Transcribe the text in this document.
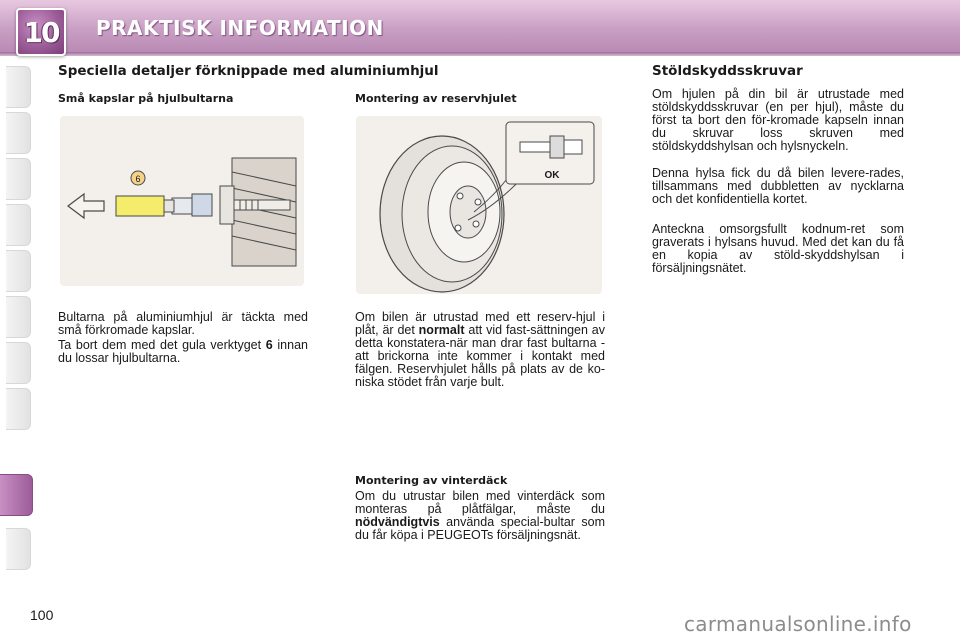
10 PRAKTISK INFORMATION
Speciella detaljer förknippade med aluminiumhjul
Små kapslar på hjulbultarna
6

Bultarna på aluminiumhjul är täckta med små förkromade kapslar.

Ta bort dem med det gula verktyget 6 innan du lossar hjulbultarna.

Montering av reservhjulet
OK

Om bilen är utrustad med ett reserv-hjul i plåt, är det normalt att vid fast-sättningen av detta konstatera-när man drar fast bultarna - att brickorna inte kommer i kontakt med fälgen. Reservhjulet hålls på plats av de ko-niska stödet från varje bult.

Montering av vinterdäck

Om du utrustar bilen med vinterdäck som monteras på plåtfälgar, måste du nödvändigtvis använda special-bultar som du får köpa i PEUGEOTs försäljningsnät.

Stöldskyddsskruvar

Om hjulen på din bil är utrustade med stöldskyddsskruvar (en per hjul), måste du först ta bort den för-kromade kapseln innan du skruvar loss skruven med stöldskyddshylsan och hylsnyckeln.

Denna hylsa fick du då bilen levere-rades, tillsammans med dubbletten av nycklarna och det konfidentiella kortet.

Anteckna omsorgsfullt kodnum-ret som graverats i hylsans huvud. Med det kan du få en kopia av stöld-skyddshylsan i försäljningsnätet.

100	carmanualsonline.info
